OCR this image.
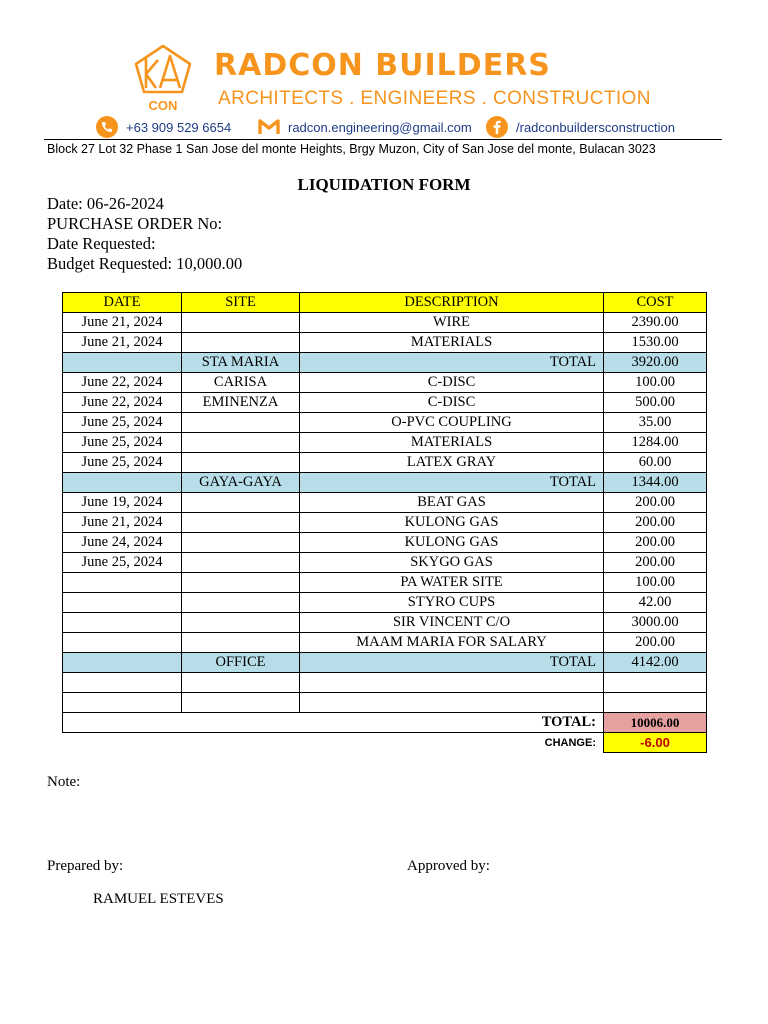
CON
RADCON BUILDERS
ARCHITECTS . ENGINEERS . CONSTRUCTION
+63 909 529 6654	radcon.engineering@gmail.com	/radconbuildersconstruction
Block 27 Lot 32 Phase 1 San Jose del monte Heights, Brgy Muzon, City of San Jose del monte, Bulacan 3023
LIQUIDATION FORM
Date: 06-26-2024
PURCHASE ORDER No:
Date Requested:
Budget Requested: 10,000.00
DATE	SITE	DESCRIPTION	COST
June 21, 2024		WIRE	2390.00
June 21, 2024		MATERIALS	1530.00
	STA MARIA	TOTAL	3920.00
June 22, 2024	CARISA	C-DISC	100.00
June 22, 2024	EMINENZA	C-DISC	500.00
June 25, 2024		O-PVC COUPLING	35.00
June 25, 2024		MATERIALS	1284.00
June 25, 2024		LATEX GRAY	60.00
	GAYA-GAYA	TOTAL	1344.00
June 19, 2024		BEAT GAS	200.00
June 21, 2024		KULONG GAS	200.00
June 24, 2024		KULONG GAS	200.00
June 25, 2024		SKYGO GAS	200.00
		PA WATER SITE	100.00
		STYRO CUPS	42.00
		SIR VINCENT C/O	3000.00
		MAAM MARIA FOR SALARY	200.00
	OFFICE	TOTAL	4142.00

		TOTAL:	10006.00
		CHANGE:	-6.00
Note:
Prepared by:	Approved by:
RAMUEL ESTEVES
